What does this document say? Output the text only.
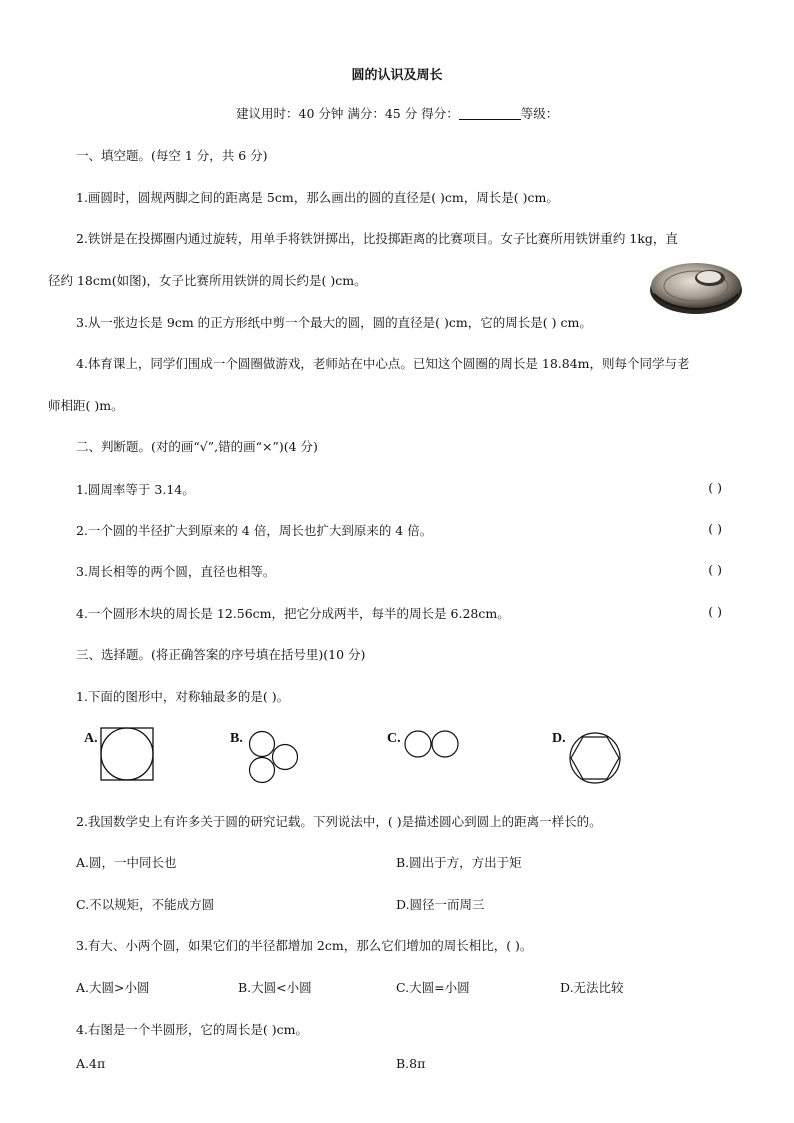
圆的认识及周长
建议用时：40 分钟 满分：45 分 得分：	等级：
一、填空题。(每空 1 分，共 6 分)
1.画圆时，圆规两脚之间的距离是 5cm，那么画出的圆的直径是( )cm，周长是( )cm。
2.铁饼是在投掷圈内通过旋转，用单手将铁饼掷出，比投掷距离的比赛项目。女子比赛所用铁饼重约 1kg，直
径约 18cm(如图)，女子比赛所用铁饼的周长约是( )cm。
3.从一张边长是 9cm 的正方形纸中剪一个最大的圆，圆的直径是( )cm，它的周长是( ) cm。
4.体育课上，同学们围成一个圆圈做游戏，老师站在中心点。已知这个圆圈的周长是 18.84m，则每个同学与老
师相距( )m。
二、判断题。(对的画“√”,错的画“×”)(4 分)
1.圆周率等于 3.14。	( )
2.一个圆的半径扩大到原来的 4 倍，周长也扩大到原来的 4 倍。	( )
3.周长相等的两个圆，直径也相等。	( )
4.一个圆形木块的周长是 12.56cm，把它分成两半，每半的周长是 6.28cm。	( )
三、选择题。(将正确答案的序号填在括号里)(10 分)
1.下面的图形中，对称轴最多的是( )。
A.	B.	C.	D.
2.我国数学史上有许多关于圆的研究记载。下列说法中，( )是描述圆心到圆上的距离一样长的。
A.圆，一中同长也	B.圆出于方，方出于矩
C.不以规矩，不能成方圆	D.圆径一而周三
3.有大、小两个圆，如果它们的半径都增加 2cm，那么它们增加的周长相比，( )。
A.大圆>小圆	B.大圆<小圆	C.大圆=小圆	D.无法比较
4.右图是一个半圆形，它的周长是( )cm。
A.4π	B.8π
